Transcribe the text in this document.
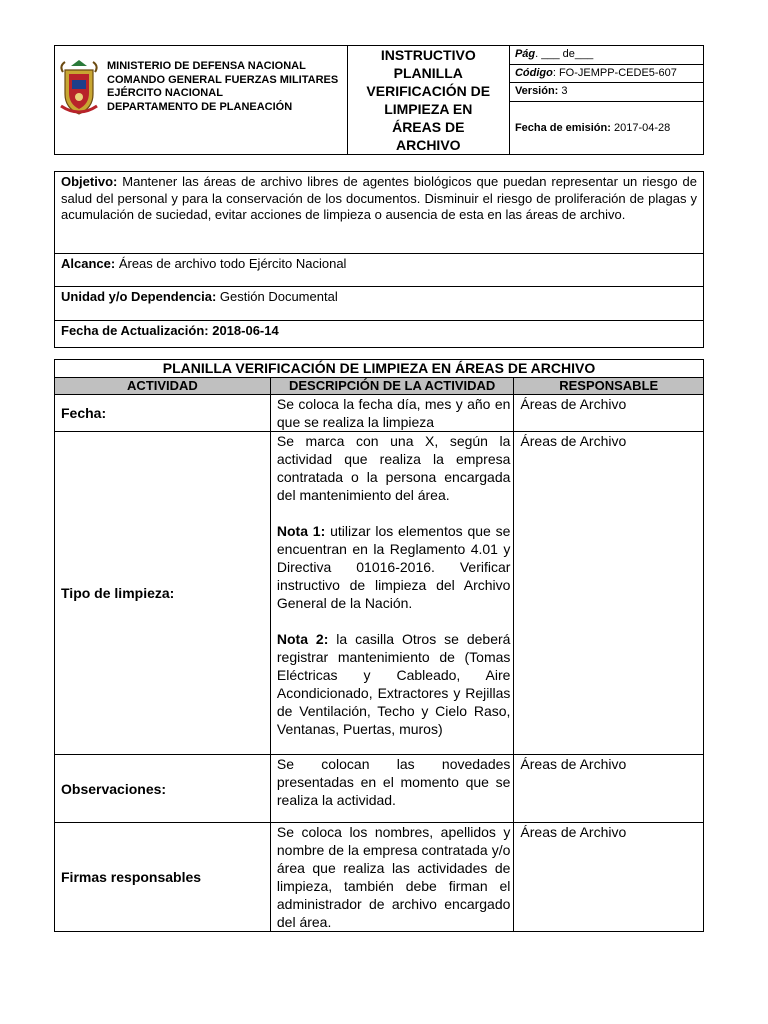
MINISTERIO DE DEFENSA NACIONAL
COMANDO GENERAL FUERZAS MILITARES
EJÉRCITO NACIONAL
DEPARTAMENTO DE PLANEACIÓN

INSTRUCTIVO
PLANILLA
VERIFICACIÓN DE
LIMPIEZA EN
ÁREAS DE
ARCHIVO
	Pág. ___ de___
Código: FO-JEMPP-CEDE5-607
Versión: 3
Fecha de emisión: 2017-04-28
Objetivo: Mantener las áreas de archivo libres de agentes biológicos que puedan representar un riesgo de salud del personal y para la conservación de los documentos. Disminuir el riesgo de proliferación de plagas y acumulación de suciedad, evitar acciones de limpieza o ausencia de esta en las áreas de archivo.
Alcance: Áreas de archivo todo Ejército Nacional
Unidad y/o Dependencia: Gestión Documental
Fecha de Actualización: 2018-06-14
PLANILLA VERIFICACIÓN DE LIMPIEZA EN ÁREAS DE ARCHIVO		
ACTIVIDAD	DESCRIPCIÓN DE LA ACTIVIDAD	RESPONSABLE
Fecha:	Se coloca la fecha día, mes y año en que se realiza la limpieza	Áreas de Archivo
Tipo de limpieza:	Se marca con una X, según la actividad que realiza la empresa contratada o la persona encargada del mantenimiento del área.
Nota 1: utilizar los elementos que se encuentran en la Reglamento 4.01 y Directiva 01016-2016. Verificar instructivo de limpieza del Archivo General de la Nación.
Nota 2: la casilla Otros se deberá registrar mantenimiento de (Tomas Eléctricas y Cableado, Aire Acondicionado, Extractores y Rejillas de Ventilación, Techo y Cielo Raso, Ventanas, Puertas, muros)	Áreas de Archivo
Observaciones:	Se colocan las novedades presentadas en el momento que se realiza la actividad.	Áreas de Archivo
Firmas responsables	Se coloca los nombres, apellidos y nombre de la empresa contratada y/o área que realiza las actividades de limpieza, también debe firman el administrador de archivo encargado del área.	Áreas de Archivo
